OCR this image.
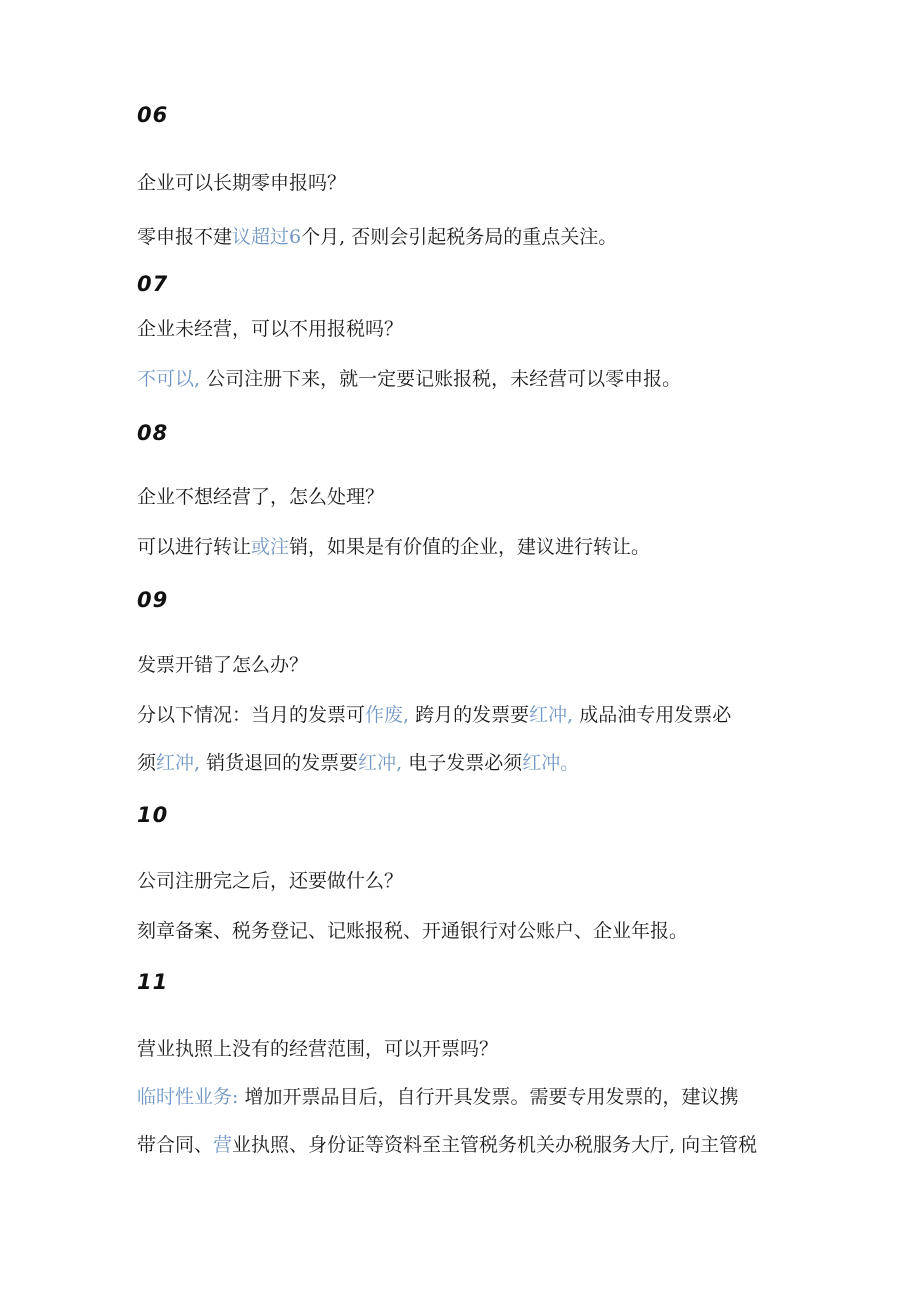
06
企业可以长期零申报吗？
零申报不建议超过6个月, 否则会引起税务局的重点关注。
07
企业未经营，可以不用报税吗？
不可以, 公司注册下来，就一定要记账报税，未经营可以零申报。
08
企业不想经营了，怎么处理？
可以进行转让或注销，如果是有价值的企业，建议进行转让。
09
发票开错了怎么办？
分以下情况：当月的发票可作废, 跨月的发票要红冲, 成品油专用发票必
须红冲, 销货退回的发票要红冲, 电子发票必须红冲。
10
公司注册完之后，还要做什么？
刻章备案、税务登记、记账报税、开通银行对公账户、企业年报。
11
营业执照上没有的经营范围，可以开票吗？
临时性业务: 增加开票品目后，自行开具发票。需要专用发票的，建议携
带合同、营业执照、身份证等资料至主管税务机关办税服务大厅, 向主管税
